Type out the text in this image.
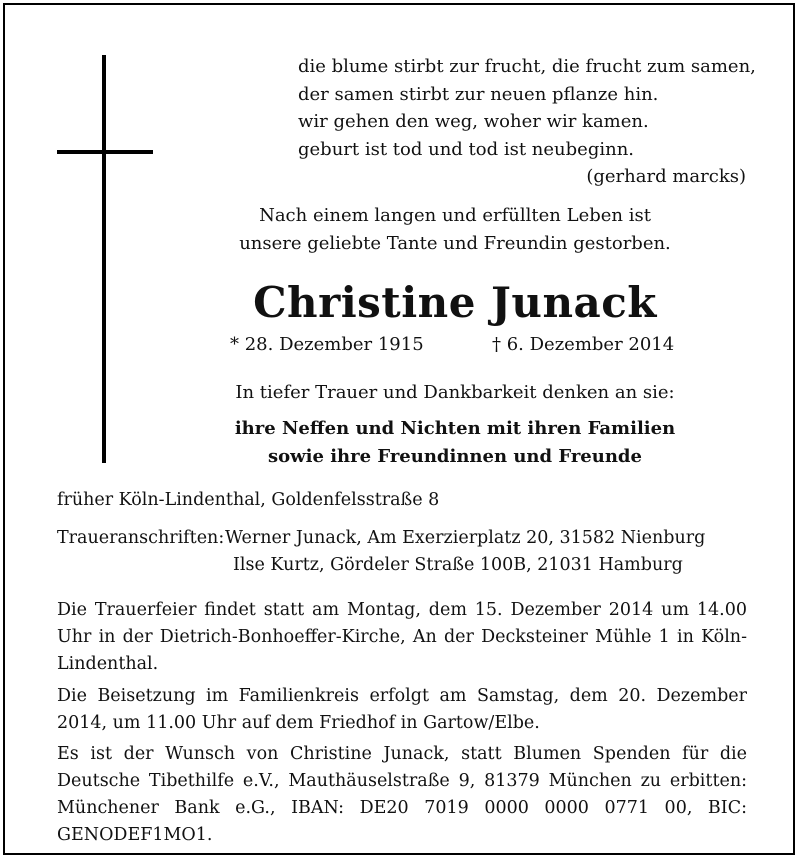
die blume stirbt zur frucht, die frucht zum samen,
der samen stirbt zur neuen pflanze hin.
wir gehen den weg, woher wir kamen.
geburt ist tod und tod ist neubeginn.
(gerhard marcks)
Nach einem langen und erfüllten Leben ist
unsere geliebte Tante und Freundin gestorben.
Christine Junack
* 28. Dezember 1915	† 6. Dezember 2014
In tiefer Trauer und Dankbarkeit denken an sie:
ihre Neffen und Nichten mit ihren Familien
sowie ihre Freundinnen und Freunde
früher Köln-Lindenthal, Goldenfelsstraße 8
Traueranschriften: Werner Junack, Am Exerzierplatz 20, 31582 Nienburg
Ilse Kurtz, Gördeler Straße 100B, 21031 Hamburg
Die Trauerfeier findet statt am Montag, dem 15. Dezember 2014 um 14.00 Uhr in der Dietrich-Bonhoeffer-Kirche, An der Decksteiner Mühle 1 in Köln-Lindenthal.
Die Beisetzung im Familienkreis erfolgt am Samstag, dem 20. Dezember 2014, um 11.00 Uhr auf dem Friedhof in Gartow/Elbe.
Es ist der Wunsch von Christine Junack, statt Blumen Spenden für die Deutsche Tibethilfe e.V., Mauthäuselstraße 9, 81379 München zu erbitten: Münchener Bank e.G., IBAN: DE20 7019 0000 0000 0771 00, BIC: GENODEF1MO1.
